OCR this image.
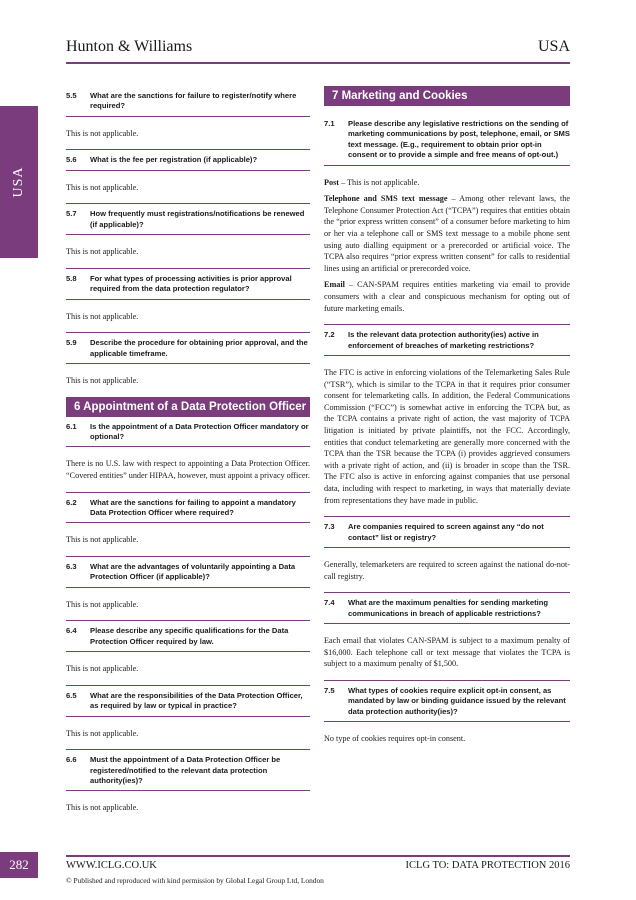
Hunton & Williams	USA
USA
5.5	What are the sanctions for failure to register/notify where required?
This is not applicable.
5.6	What is the fee per registration (if applicable)?
This is not applicable.
5.7	How frequently must registrations/notifications be renewed (if applicable)?
This is not applicable.
5.8	For what types of processing activities is prior approval required from the data protection regulator?
This is not applicable.
5.9	Describe the procedure for obtaining prior approval, and the applicable timeframe.
This is not applicable.
6 Appointment of a Data Protection Officer
6.1	Is the appointment of a Data Protection Officer mandatory or optional?
There is no U.S. law with respect to appointing a Data Protection Officer. “Covered entities” under HIPAA, however, must appoint a privacy officer.
6.2	What are the sanctions for failing to appoint a mandatory Data Protection Officer where required?
This is not applicable.
6.3	What are the advantages of voluntarily appointing a Data Protection Officer (if applicable)?
This is not applicable.
6.4	Please describe any specific qualifications for the Data Protection Officer required by law.
This is not applicable.
6.5	What are the responsibilities of the Data Protection Officer, as required by law or typical in practice?
This is not applicable.
6.6	Must the appointment of a Data Protection Officer be registered/notified to the relevant data protection authority(ies)?
This is not applicable.
7 Marketing and Cookies
7.1	Please describe any legislative restrictions on the sending of marketing communications by post, telephone, email, or SMS text message. (E.g., requirement to obtain prior opt-in consent or to provide a simple and free means of opt-out.)

Post – This is not applicable.

Telephone and SMS text message – Among other relevant laws, the Telephone Consumer Protection Act (“TCPA”) requires that entities obtain the “prior express written consent” of a consumer before marketing to him or her via a telephone call or SMS text message to a mobile phone sent using auto dialling equipment or a prerecorded or artificial voice. The TCPA also requires “prior express written consent” for calls to residential lines using an artificial or prerecorded voice.

Email – CAN-SPAM requires entities marketing via email to provide consumers with a clear and conspicuous mechanism for opting out of future marketing emails.

7.2	Is the relevant data protection authority(ies) active in enforcement of breaches of marketing restrictions?
The FTC is active in enforcing violations of the Telemarketing Sales Rule (“TSR”), which is similar to the TCPA in that it requires prior consumer consent for telemarketing calls. In addition, the Federal Communications Commission (“FCC”) is somewhat active in enforcing the TCPA but, as the TCPA contains a private right of action, the vast majority of TCPA litigation is initiated by private plaintiffs, not the FCC. Accordingly, entities that conduct telemarketing are generally more concerned with the TCPA than the TSR because the TCPA (i) provides aggrieved consumers with a private right of action, and (ii) is broader in scope than the TSR. The FTC also is active in enforcing against companies that use personal data, including with respect to marketing, in ways that materially deviate from representations they have made in public.
7.3	Are companies required to screen against any “do not contact” list or registry?
Generally, telemarketers are required to screen against the national do-not-call registry.
7.4	What are the maximum penalties for sending marketing communications in breach of applicable restrictions?
Each email that violates CAN-SPAM is subject to a maximum penalty of $16,000. Each telephone call or text message that violates the TCPA is subject to a maximum penalty of $1,500.
7.5	What types of cookies require explicit opt-in consent, as mandated by law or binding guidance issued by the relevant data protection authority(ies)?
No type of cookies requires opt-in consent.
282	WWW.ICLG.CO.UK	ICLG TO: DATA PROTECTION 2016
© Published and reproduced with kind permission by Global Legal Group Ltd, London
